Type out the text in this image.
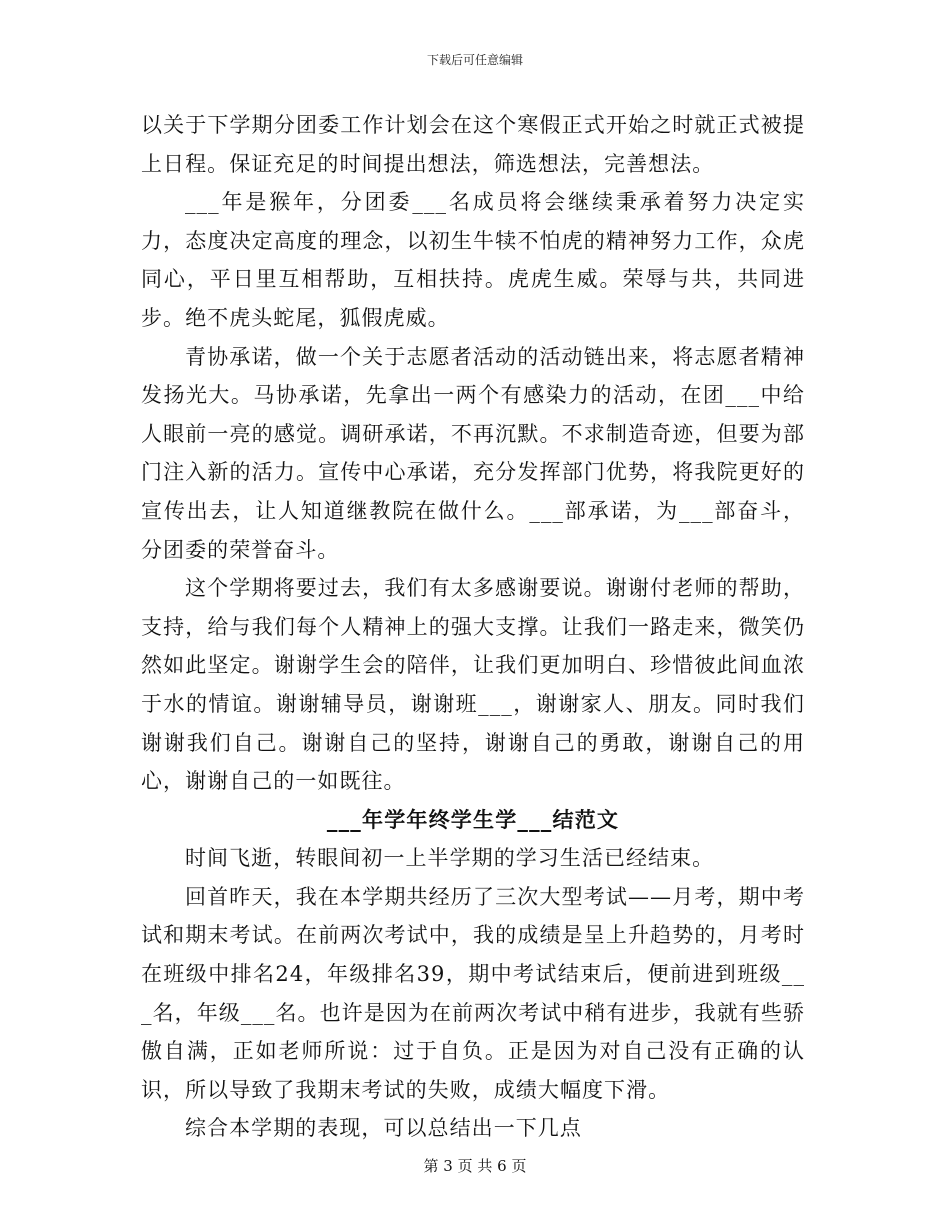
下载后可任意编辑

以关于下学期分团委工作计划会在这个寒假正式开始之时就正式被提上日程。保证充足的时间提出想法，筛选想法，完善想法。

___年是猴年，分团委___名成员将会继续秉承着努力决定实力，态度决定高度的理念，以初生牛犊不怕虎的精神努力工作，众虎同心，平日里互相帮助，互相扶持。虎虎生威。荣辱与共，共同进步。绝不虎头蛇尾，狐假虎威。

青协承诺，做一个关于志愿者活动的活动链出来，将志愿者精神发扬光大。马协承诺，先拿出一两个有感染力的活动，在团___中给人眼前一亮的感觉。调研承诺，不再沉默。不求制造奇迹，但要为部门注入新的活力。宣传中心承诺，充分发挥部门优势，将我院更好的宣传出去，让人知道继教院在做什么。___部承诺，为___部奋斗，分团委的荣誉奋斗。

这个学期将要过去，我们有太多感谢要说。谢谢付老师的帮助，支持，给与我们每个人精神上的强大支撑。让我们一路走来，微笑仍然如此坚定。谢谢学生会的陪伴，让我们更加明白、珍惜彼此间血浓于水的情谊。谢谢辅导员，谢谢班___，谢谢家人、朋友。同时我们谢谢我们自己。谢谢自己的坚持，谢谢自己的勇敢，谢谢自己的用心，谢谢自己的一如既往。

___年学年终学生学___结范文

时间飞逝，转眼间初一上半学期的学习生活已经结束。

回首昨天，我在本学期共经历了三次大型考试——月考，期中考试和期末考试。在前两次考试中，我的成绩是呈上升趋势的，月考时在班级中排名24，年级排名39，期中考试结束后，便前进到班级___名，年级___名。也许是因为在前两次考试中稍有进步，我就有些骄傲自满，正如老师所说：过于自负。正是因为对自己没有正确的认识，所以导致了我期末考试的失败，成绩大幅度下滑。

综合本学期的表现，可以总结出一下几点

第 3 页 共 6 页
